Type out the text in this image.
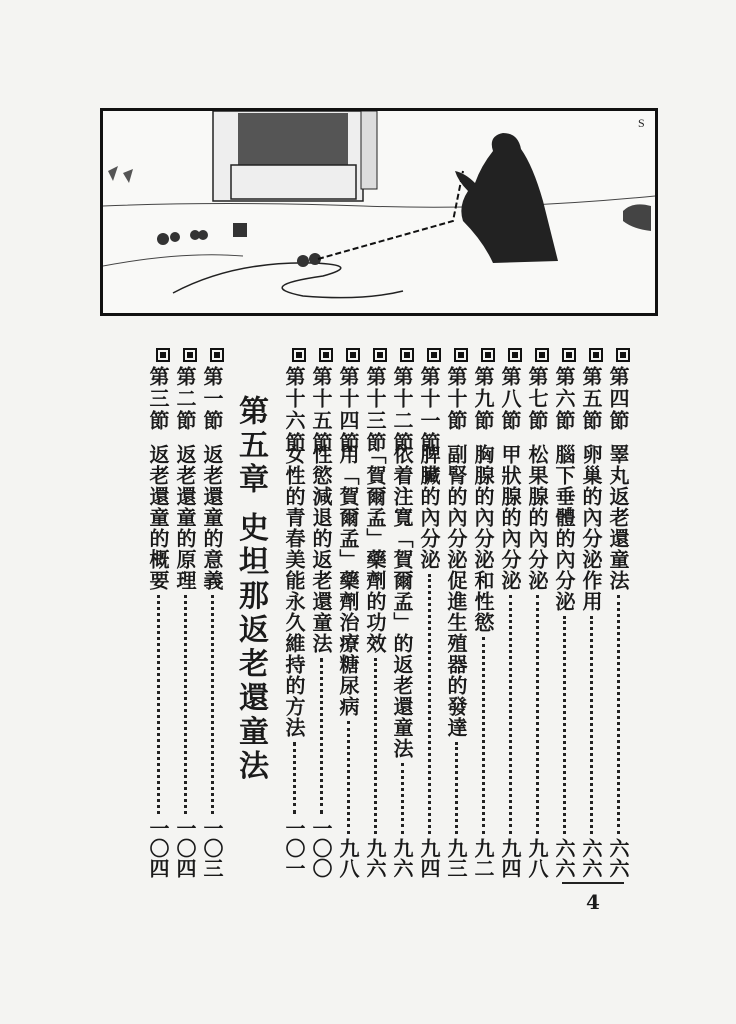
S
第四節
睪丸返老還童法
六六
第五節
卵巢的內分泌作用
六六
第六節
腦下垂體的內分泌
六六
第七節
松果腺的內分泌
九八
第八節
甲狀腺的內分泌
九四
第九節
胸腺的內分泌和性慾
九二
第十節
副腎的內分泌促進生殖器的發達
九三
第十一節
脾臟的內分泌
九四
第十二節
依着注寬「賀爾孟」的返老還童法
九六
第十三節
「賀爾孟」藥劑的功效
九六
第十四節
用「賀爾孟」藥劑治療糖尿病
九八
第十五節
性慾減退的返老還童法
一〇〇
第十六節
女性的青春美能永久維持的方法
一〇一
第五章 史坦那返老還童法
第一節
返老還童的意義
一〇三
第二節
返老還童的原理
一〇四
第三節
返老還童的概要
一〇四
4
